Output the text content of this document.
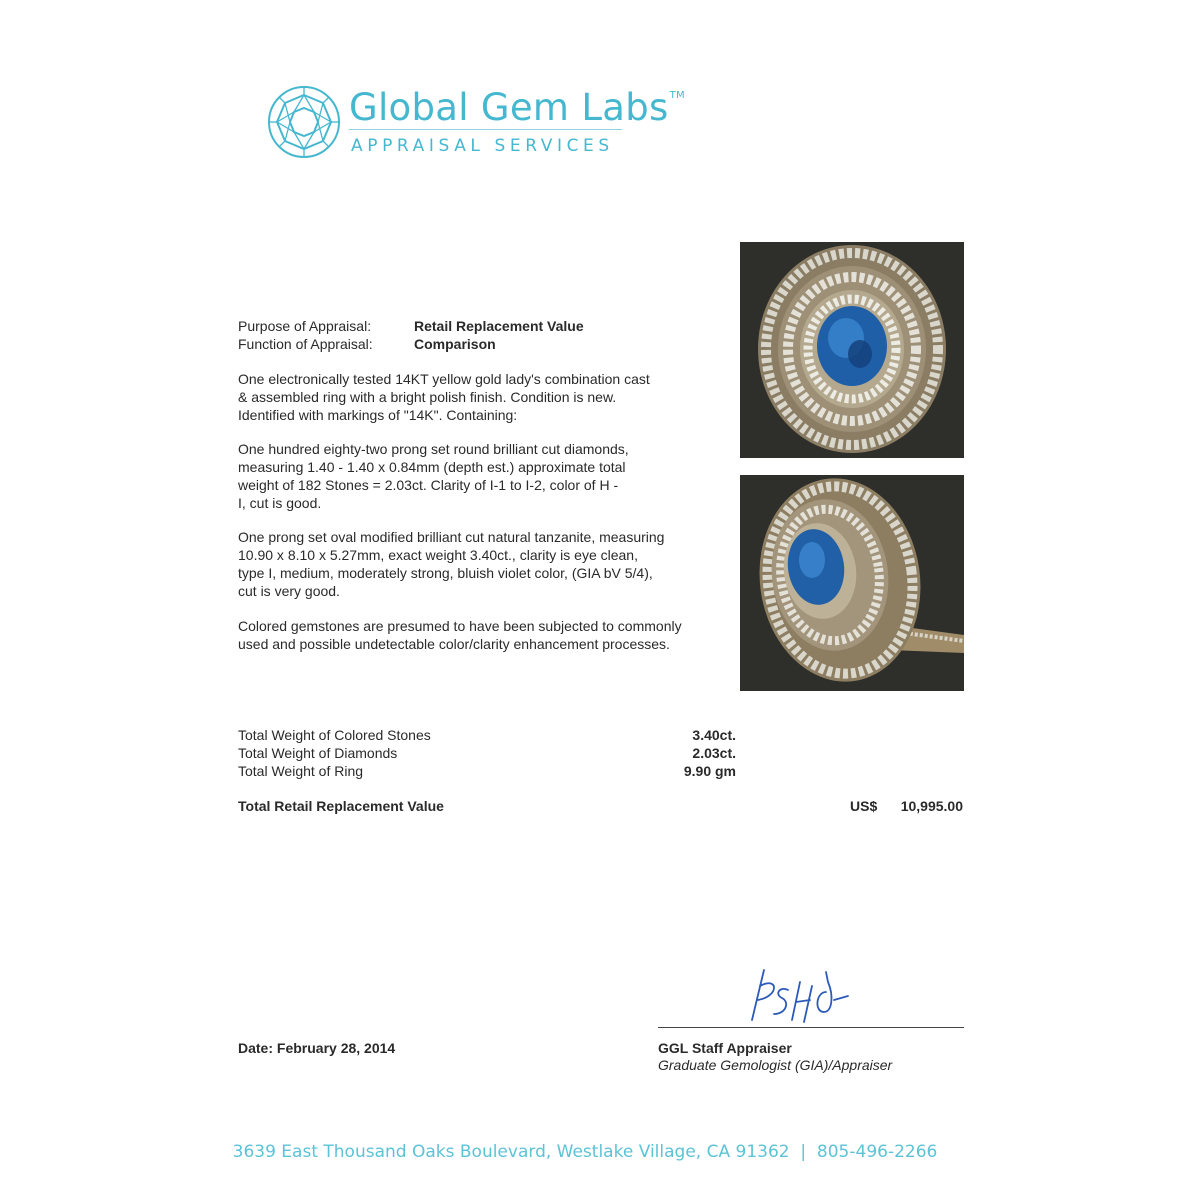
Global Gem Labs™
APPRAISAL SERVICES
Purpose of Appraisal:	Retail Replacement Value
Function of Appraisal:	Comparison
One electronically tested 14KT yellow gold lady's combination cast
& assembled ring with a bright polish finish. Condition is new.
Identified with markings of "14K". Containing:
One hundred eighty-two prong set round brilliant cut diamonds,
measuring 1.40 - 1.40 x 0.84mm (depth est.) approximate total
weight of 182 Stones = 2.03ct. Clarity of I-1 to I-2, color of H -
I, cut is good.
One prong set oval modified brilliant cut natural tanzanite, measuring
10.90 x 8.10 x 5.27mm, exact weight 3.40ct., clarity is eye clean,
type I, medium, moderately strong, bluish violet color, (GIA bV 5/4),
cut is very good.
Colored gemstones are presumed to have been subjected to commonly
used and possible undetectable color/clarity enhancement processes.
Total Weight of Colored Stones	3.40ct.
Total Weight of Diamonds	2.03ct.
Total Weight of Ring	9.90 gm
Total Retail Replacement Value	US$	10,995.00
Date: February 28, 2014	GGL Staff Appraiser
Graduate Gemologist (GIA)/Appraiser
3639 East Thousand Oaks Boulevard, Westlake Village, CA 91362  |  805-496-2266
